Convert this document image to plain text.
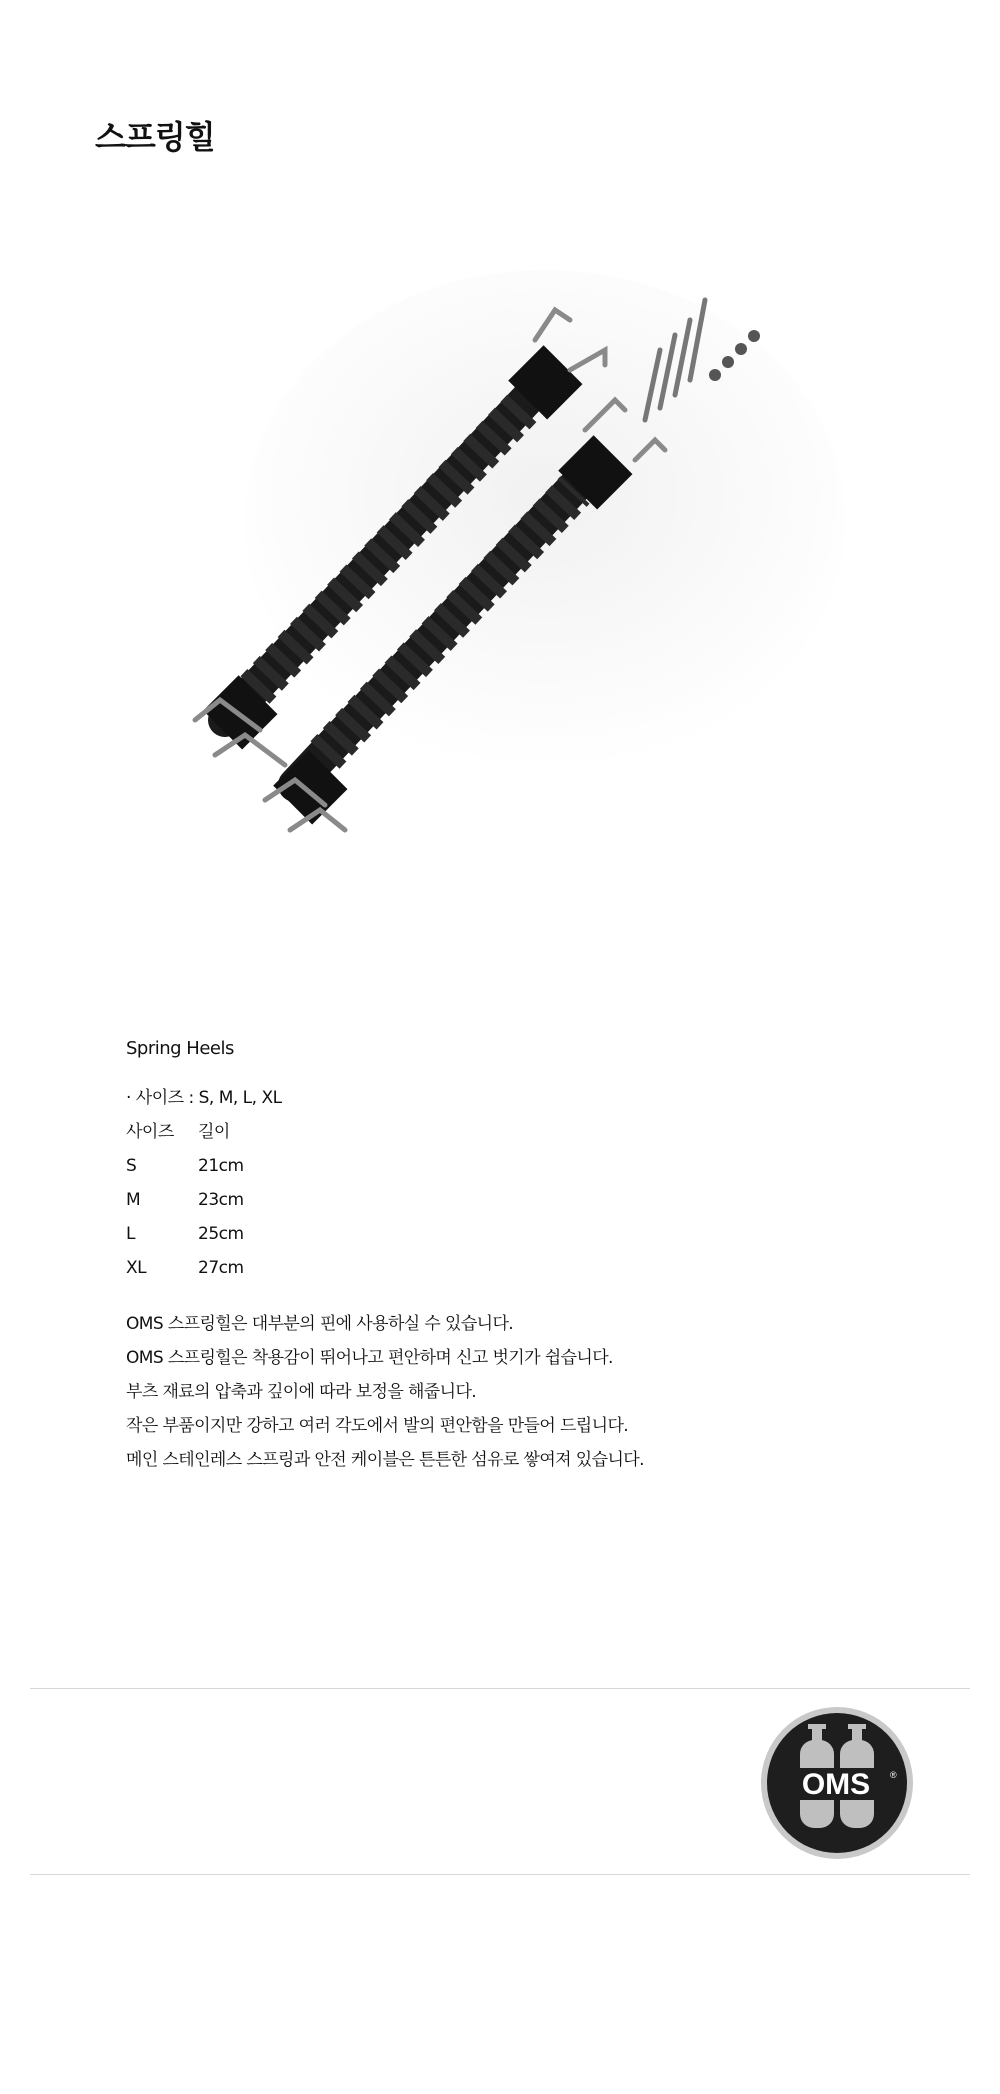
스프링힐

Spring Heels

· 사이즈 : S, M, L, XL
사이즈	길이
S	21cm
M	23cm
L	25cm
XL	27cm
OMS 스프링힐은 대부분의 핀에 사용하실 수 있습니다.
OMS 스프링힐은 착용감이 뛰어나고 편안하며 신고 벗기가 쉽습니다.
부츠 재료의 압축과 깊이에 따라 보정을 해줍니다.
작은 부품이지만 강하고 여러 각도에서 발의 편안함을 만들어 드립니다.
메인 스테인레스 스프링과 안전 케이블은 튼튼한 섬유로 쌓여져 있습니다.
OMS ®
